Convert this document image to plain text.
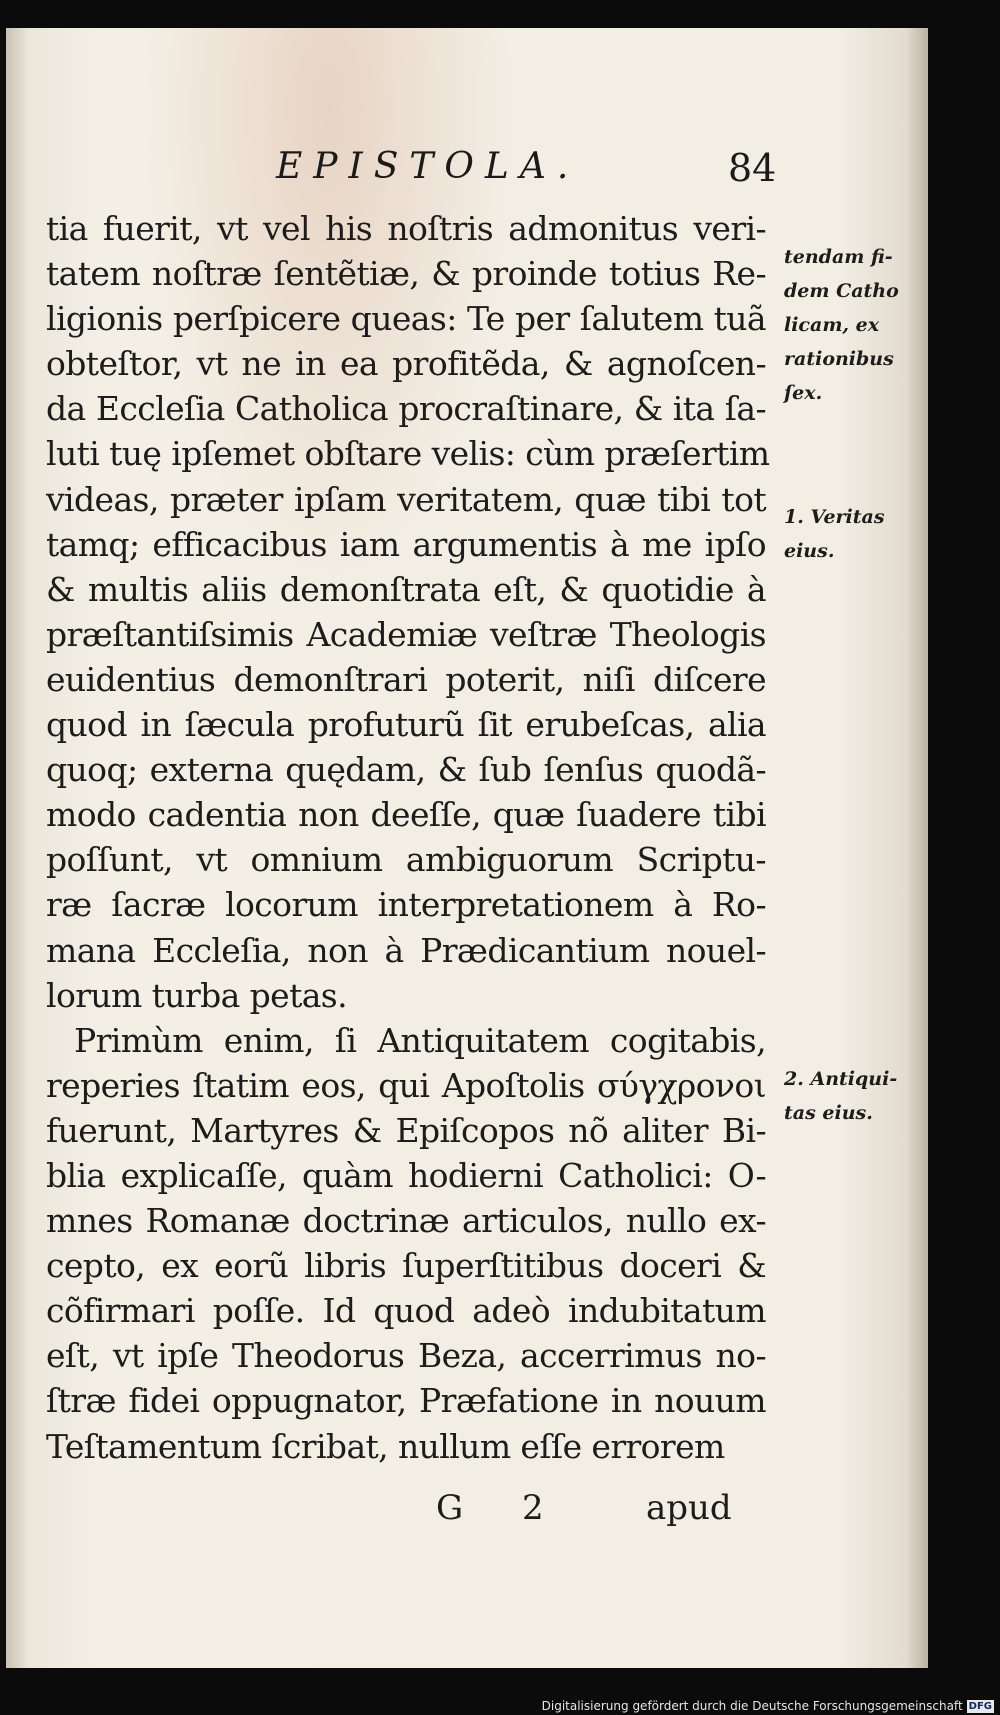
EPISTOLA.	84
tia fuerit, vt vel his noſtris admonitus veri-
tatem noſtræ ſentẽtiæ, & proinde totius Re-
ligionis perſpicere queas: Te per ſalutem tuã
obteſtor, vt ne in ea profitẽda, & agnoſcen-
da Eccleſia Catholica procraſtinare, & ita ſa-
luti tuę ipſemet obſtare velis: cùm præſertim
videas, præter ipſam veritatem, quæ tibi tot
tamq; efficacibus iam argumentis à me ipſo
& multis aliis demonſtrata eſt, & quotidie à
præſtantiſsimis Academiæ veſtræ Theologis
euidentius demonſtrari poterit, niſi diſcere
quod in ſæcula profuturũ ſit erubeſcas, alia
quoq; externa quędam, & ſub ſenſus quodã-
modo cadentia non deeſſe, quæ ſuadere tibi
poſſunt, vt omnium ambiguorum Scriptu-
ræ ſacræ locorum interpretationem à Ro-
mana Eccleſia, non à Prædicantium nouel-
lorum turba petas.
Primùm enim, ſi Antiquitatem cogitabis,
reperies ſtatim eos, qui Apoſtolis σύγχρονοι
fuerunt, Martyres & Epiſcopos nõ aliter Bi-
blia explicaſſe, quàm hodierni Catholici: O-
mnes Romanæ doctrinæ articulos, nullo ex-
cepto, ex eorũ libris ſuperſtitibus doceri &
cõfirmari poſſe. Id quod adeò indubitatum
eſt, vt ipſe Theodorus Beza, accerrimus no-
ſtræ fidei oppugnator, Præfatione in nouum
Teſtamentum ſcribat, nullum eſſe errorem
tendam fi-
dem Catho
licam, ex
rationibus
ſex.
1. Veritas
eius.
2. Antiqui-
tas eius.
G 2 apud
Digitalisierung gefördert durch die Deutsche Forschungsgemeinschaft DFG
